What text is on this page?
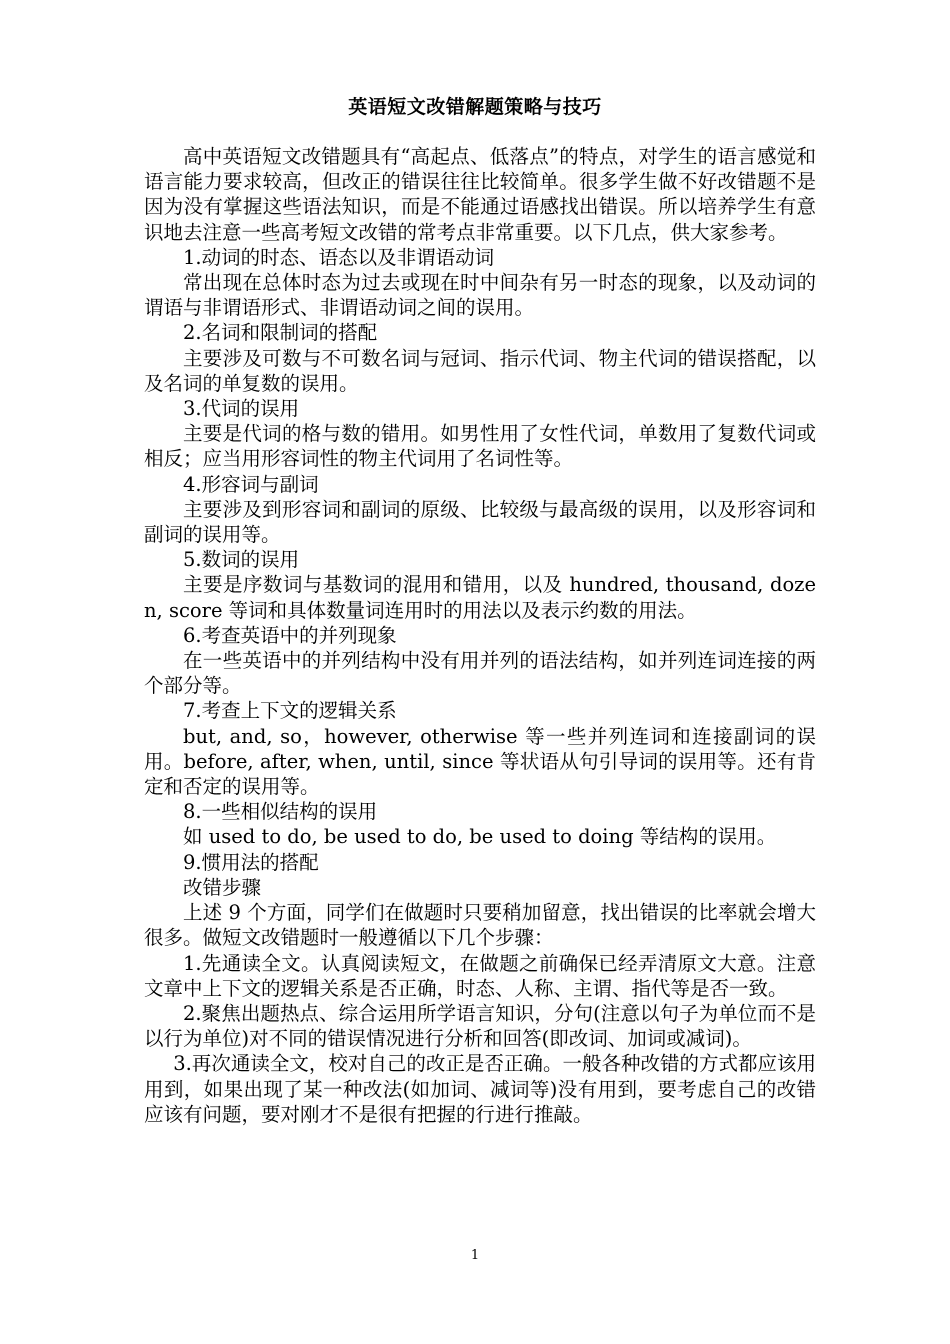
英语短文改错解题策略与技巧

高中英语短文改错题具有“高起点、低落点”的特点，对学生的语言感觉和语言能力要求较高，但改正的错误往往比较简单。很多学生做不好改错题不是因为没有掌握这些语法知识，而是不能通过语感找出错误。所以培养学生有意识地去注意一些高考短文改错的常考点非常重要。以下几点，供大家参考。

1.动词的时态、语态以及非谓语动词

常出现在总体时态为过去或现在时中间杂有另一时态的现象，以及动词的谓语与非谓语形式、非谓语动词之间的误用。

2.名词和限制词的搭配

主要涉及可数与不可数名词与冠词、指示代词、物主代词的错误搭配，以及名词的单复数的误用。

3.代词的误用

主要是代词的格与数的错用。如男性用了女性代词，单数用了复数代词或相反；应当用形容词性的物主代词用了名词性等。

4.形容词与副词

主要涉及到形容词和副词的原级、比较级与最高级的误用，以及形容词和副词的误用等。

5.数词的误用

主要是序数词与基数词的混用和错用，以及 hundred, thousand, dozen, score 等词和具体数量词连用时的用法以及表示约数的用法。

6.考查英语中的并列现象

在一些英语中的并列结构中没有用并列的语法结构，如并列连词连接的两个部分等。

7.考查上下文的逻辑关系

but, and, so，however, otherwise 等一些并列连词和连接副词的误用。before, after, when, until, since 等状语从句引导词的误用等。还有肯定和否定的误用等。

8.一些相似结构的误用

如 used to do, be used to do, be used to doing 等结构的误用。

9.惯用法的搭配

改错步骤

上述 9 个方面，同学们在做题时只要稍加留意，找出错误的比率就会增大很多。做短文改错题时一般遵循以下几个步骤：

1.先通读全文。认真阅读短文，在做题之前确保已经弄清原文大意。注意文章中上下文的逻辑关系是否正确，时态、人称、主谓、指代等是否一致。

2.聚焦出题热点、综合运用所学语言知识，分句(注意以句子为单位而不是以行为单位)对不同的错误情况进行分析和回答(即改词、加词或减词)。

3.再次通读全文，校对自己的改正是否正确。一般各种改错的方式都应该用用到，如果出现了某一种改法(如加词、减词等)没有用到，要考虑自己的改错应该有问题，要对刚才不是很有把握的行进行推敲。

1
